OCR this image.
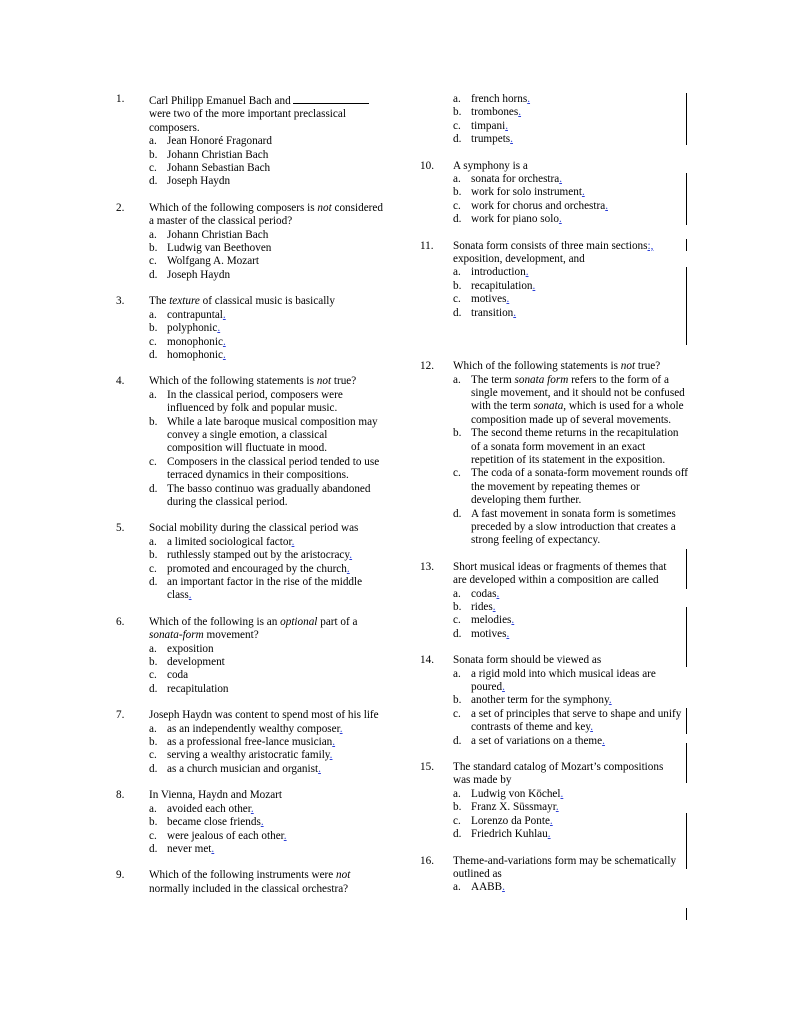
1. Carl Philipp Emanuel Bach and
were two of the more important preclassical
composers.
a. Jean Honoré Fragonard
b. Johann Christian Bach
c. Johann Sebastian Bach
d. Joseph Haydn
2. Which of the following composers is not considered
a master of the classical period?
a. Johann Christian Bach
b. Ludwig van Beethoven
c. Wolfgang A. Mozart
d. Joseph Haydn
3. The texture of classical music is basically
a. contrapuntal.
b. polyphonic.
c. monophonic.
d. homophonic.
4. Which of the following statements is not true?
a. In the classical period, composers were influenced by folk and popular music.
b. While a late baroque musical composition may convey a single emotion, a classical composition will fluctuate in mood.
c. Composers in the classical period tended to use terraced dynamics in their compositions.
d. The basso continuo was gradually abandoned during the classical period.
5. Social mobility during the classical period was
a. a limited sociological factor.
b. ruthlessly stamped out by the aristocracy.
c. promoted and encouraged by the church.
d. an important factor in the rise of the middle class.
6. Which of the following is an optional part of a
sonata-form movement?
a. exposition
b. development
c. coda
d. recapitulation
7. Joseph Haydn was content to spend most of his life
a. as an independently wealthy composer.
b. as a professional free-lance musician.
c. serving a wealthy aristocratic family.
d. as a church musician and organist.
8. In Vienna, Haydn and Mozart
a. avoided each other.
b. became close friends.
c. were jealous of each other.
d. never met.
9. Which of the following instruments were not
normally included in the classical orchestra?
a. french horns.
b. trombones.
c. timpani.
d. trumpets.
10. A symphony is a
a. sonata for orchestra.
b. work for solo instrument.
c. work for chorus and orchestra.
d. work for piano solo.
11. Sonata form consists of three main sections:,
exposition, development, and
a. introduction.
b. recapitulation.
c. motives.
d. transition.
12. Which of the following statements is not true?
a. The term sonata form refers to the form of a single movement, and it should not be confused with the term sonata, which is used for a whole composition made up of several movements.
b. The second theme returns in the recapitulation of a sonata form movement in an exact repetition of its statement in the exposition.
c. The coda of a sonata-form movement rounds off the movement by repeating themes or developing them further.
d. A fast movement in sonata form is sometimes preceded by a slow introduction that creates a strong feeling of expectancy.
13. Short musical ideas or fragments of themes that
are developed within a composition are called
a. codas.
b. rides.
c. melodies.
d. motives.
14. Sonata form should be viewed as
a. a rigid mold into which musical ideas are poured.
b. another term for the symphony.
c. a set of principles that serve to shape and unify contrasts of theme and key.
d. a set of variations on a theme.
15. The standard catalog of Mozart’s compositions
was made by
a. Ludwig von Köchel.
b. Franz X. Süssmayr.
c. Lorenzo da Ponte.
d. Friedrich Kuhlau.
16. Theme-and-variations form may be schematically
outlined as
a. AABB.
